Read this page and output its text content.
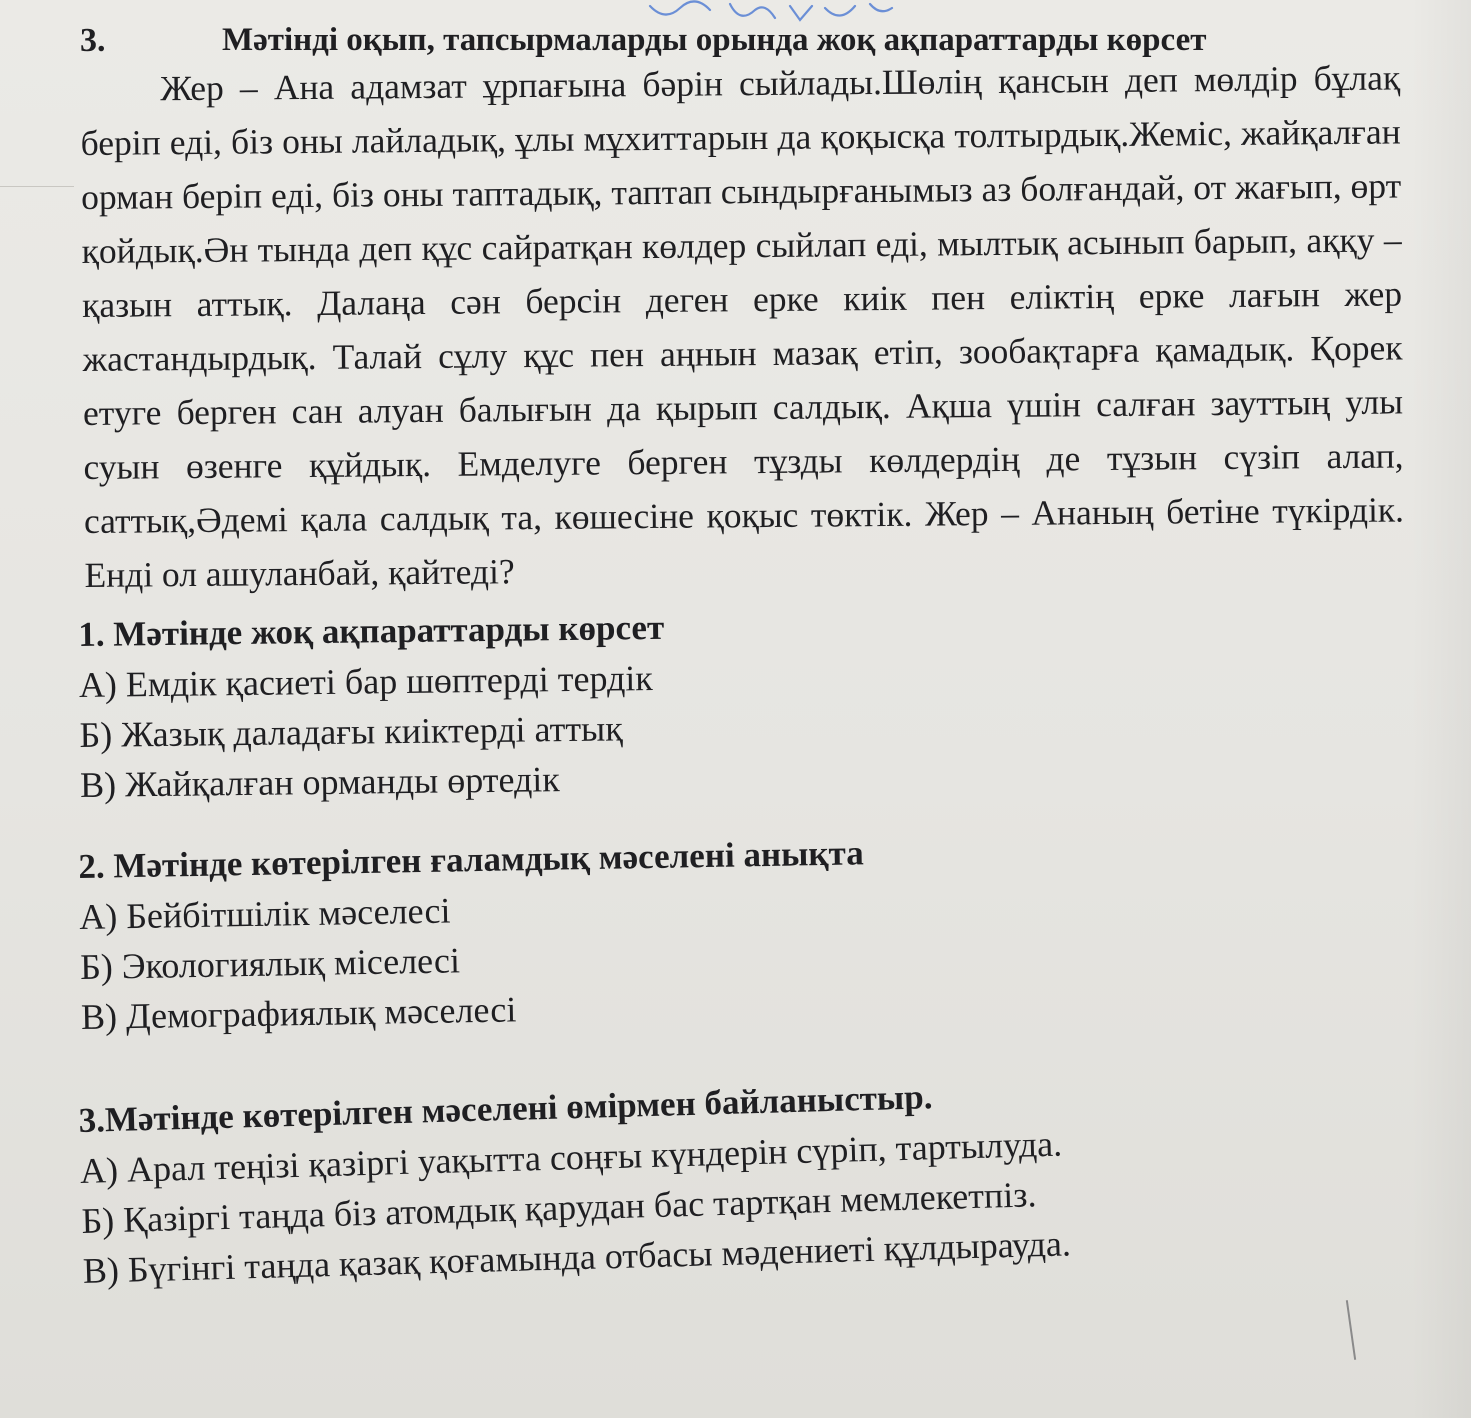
3.	Мәтінді оқып, тапсырмаларды орында жоқ ақпараттарды көрсет
Жер – Ана адамзат ұрпағына бәрін сыйлады.Шөлің қансын деп мөлдір бұлақ беріп еді, біз оны лайладық, ұлы мұхиттарын да қоқысқа толтырдық.Жеміс, жайқалған орман беріп еді, біз оны таптадық, таптап сындырғанымыз аз болғандай, от жағып, өрт қойдық.Ән тында деп құс сайратқан көлдер сыйлап еді, мылтық асынып барып, аққу – қазын аттық. Далаңа сән берсін деген ерке киік пен еліктің ерке лағын жер жастандырдық. Талай сұлу құс пен аңнын мазақ етіп, зообақтарға қамадық. Қорек етуге берген сан алуан балығын да қырып салдық. Ақша үшін салған зауттың улы суын өзенге құйдық. Емделуге берген тұзды көлдердің де тұзын сүзіп алап, саттық,Әдемі қала салдық та, көшесіне қоқыс төктік. Жер – Ананың бетіне түкірдік. Енді ол ашуланбай, қайтеді?
1. Мәтінде жоқ ақпараттарды көрсет
А) Емдік қасиеті бар шөптерді тердік
Б) Жазық даладағы киіктерді аттық
В) Жайқалған орманды өртедік
2. Мәтінде көтерілген ғаламдық мәселені анықта
А) Бейбітшілік мәселесі
Б) Экологиялық міселесі
В) Демографиялық мәселесі
3.Мәтінде көтерілген мәселені өмірмен байланыстыр.
А) Арал теңізі қазіргі уақытта соңғы күндерін сүріп, тартылуда.
Б) Қазіргі таңда біз атомдық қарудан бас тартқан мемлекетпіз.
В) Бүгінгі таңда қазақ қоғамында отбасы мәдениеті құлдырауда.
